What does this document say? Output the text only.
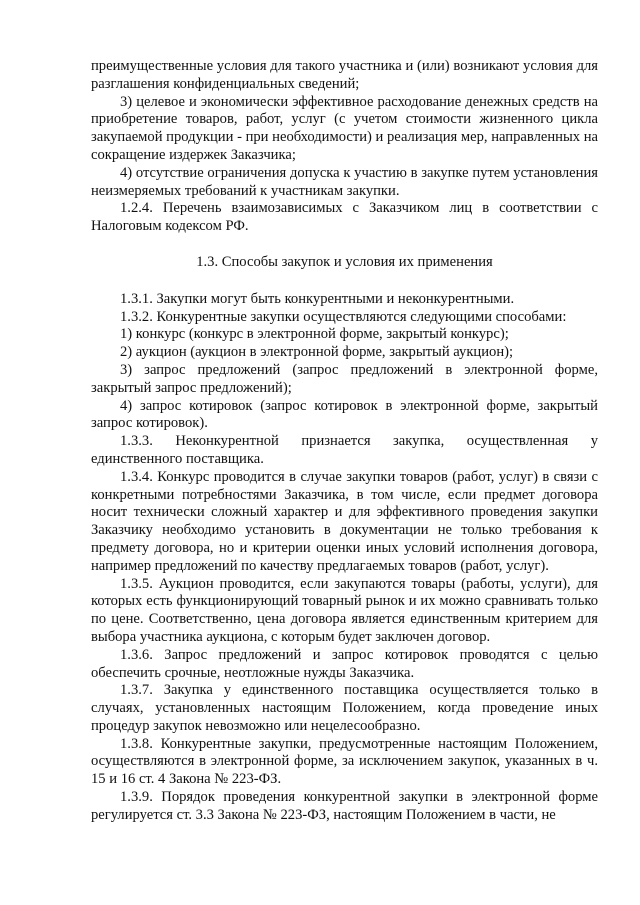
преимущественные условия для такого участника и (или) возникают условия для разглашения конфиденциальных сведений;

3) целевое и экономически эффективное расходование денежных средств на приобретение товаров, работ, услуг (с учетом стоимости жизненного цикла закупаемой продукции - при необходимости) и реализация мер, направленных на сокращение издержек Заказчика;

4) отсутствие ограничения допуска к участию в закупке путем установления неизмеряемых требований к участникам закупки.

1.2.4. Перечень взаимозависимых с Заказчиком лиц в соответствии с Налоговым кодексом РФ.

1.3. Способы закупок и условия их применения

1.3.1. Закупки могут быть конкурентными и неконкурентными.

1.3.2. Конкурентные закупки осуществляются следующими способами:

1) конкурс (конкурс в электронной форме, закрытый конкурс);

2) аукцион (аукцион в электронной форме, закрытый аукцион);

3) запрос предложений (запрос предложений в электронной форме, закрытый запрос предложений);

4) запрос котировок (запрос котировок в электронной форме, закрытый запрос котировок).

1.3.3. Неконкурентной признается закупка, осуществленная у единственного поставщика.

1.3.4. Конкурс проводится в случае закупки товаров (работ, услуг) в связи с конкретными потребностями Заказчика, в том числе, если предмет договора носит технически сложный характер и для эффективного проведения закупки Заказчику необходимо установить в документации не только требования к предмету договора, но и критерии оценки иных условий исполнения договора, например предложений по качеству предлагаемых товаров (работ, услуг).

1.3.5. Аукцион проводится, если закупаются товары (работы, услуги), для которых есть функционирующий товарный рынок и их можно сравнивать только по цене. Соответственно, цена договора является единственным критерием для выбора участника аукциона, с которым будет заключен договор.

1.3.6. Запрос предложений и запрос котировок проводятся с целью обеспечить срочные, неотложные нужды Заказчика.

1.3.7. Закупка у единственного поставщика осуществляется только в случаях, установленных настоящим Положением, когда проведение иных процедур закупок невозможно или нецелесообразно.

1.3.8. Конкурентные закупки, предусмотренные настоящим Положением, осуществляются в электронной форме, за исключением закупок, указанных в ч. 15 и 16 ст. 4 Закона № 223-ФЗ.

1.3.9. Порядок проведения конкурентной закупки в электронной форме регулируется ст. 3.3 Закона № 223-ФЗ, настоящим Положением в части, не
